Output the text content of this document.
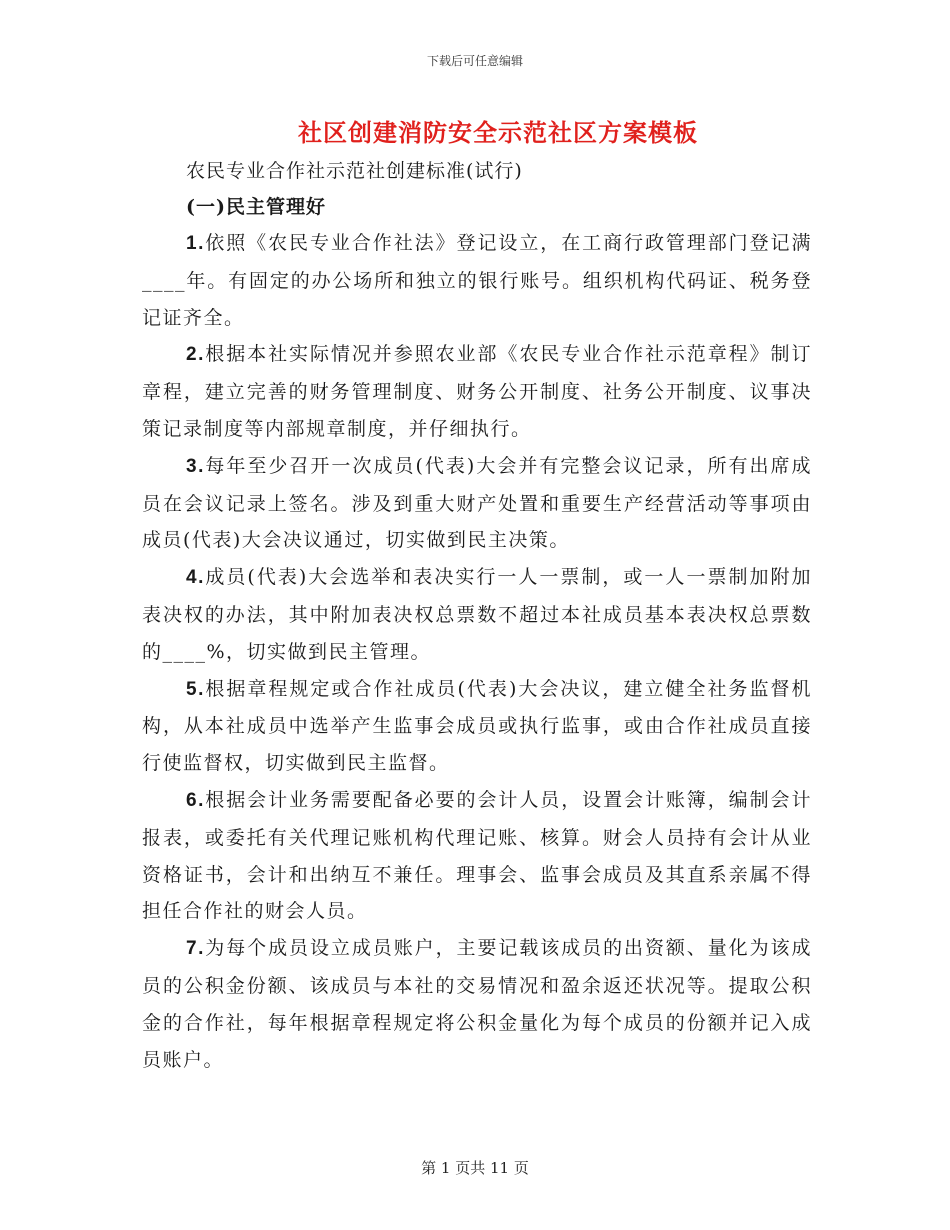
下载后可任意编辑
社区创建消防安全示范社区方案模板

农民专业合作社示范社创建标准(试行)

(一)民主管理好

1.依照《农民专业合作社法》登记设立，在工商行政管理部门登记满____年。有固定的办公场所和独立的银行账号。组织机构代码证、税务登记证齐全。

2.根据本社实际情况并参照农业部《农民专业合作社示范章程》制订章程，建立完善的财务管理制度、财务公开制度、社务公开制度、议事决策记录制度等内部规章制度，并仔细执行。

3.每年至少召开一次成员(代表)大会并有完整会议记录，所有出席成员在会议记录上签名。涉及到重大财产处置和重要生产经营活动等事项由成员(代表)大会决议通过，切实做到民主决策。

4.成员(代表)大会选举和表决实行一人一票制，或一人一票制加附加表决权的办法，其中附加表决权总票数不超过本社成员基本表决权总票数的____%，切实做到民主管理。

5.根据章程规定或合作社成员(代表)大会决议，建立健全社务监督机构，从本社成员中选举产生监事会成员或执行监事，或由合作社成员直接行使监督权，切实做到民主监督。

6.根据会计业务需要配备必要的会计人员，设置会计账簿，编制会计报表，或委托有关代理记账机构代理记账、核算。财会人员持有会计从业资格证书，会计和出纳互不兼任。理事会、监事会成员及其直系亲属不得担任合作社的财会人员。

7.为每个成员设立成员账户，主要记载该成员的出资额、量化为该成员的公积金份额、该成员与本社的交易情况和盈余返还状况等。提取公积金的合作社，每年根据章程规定将公积金量化为每个成员的份额并记入成员账户。

第 1 页共 11 页
